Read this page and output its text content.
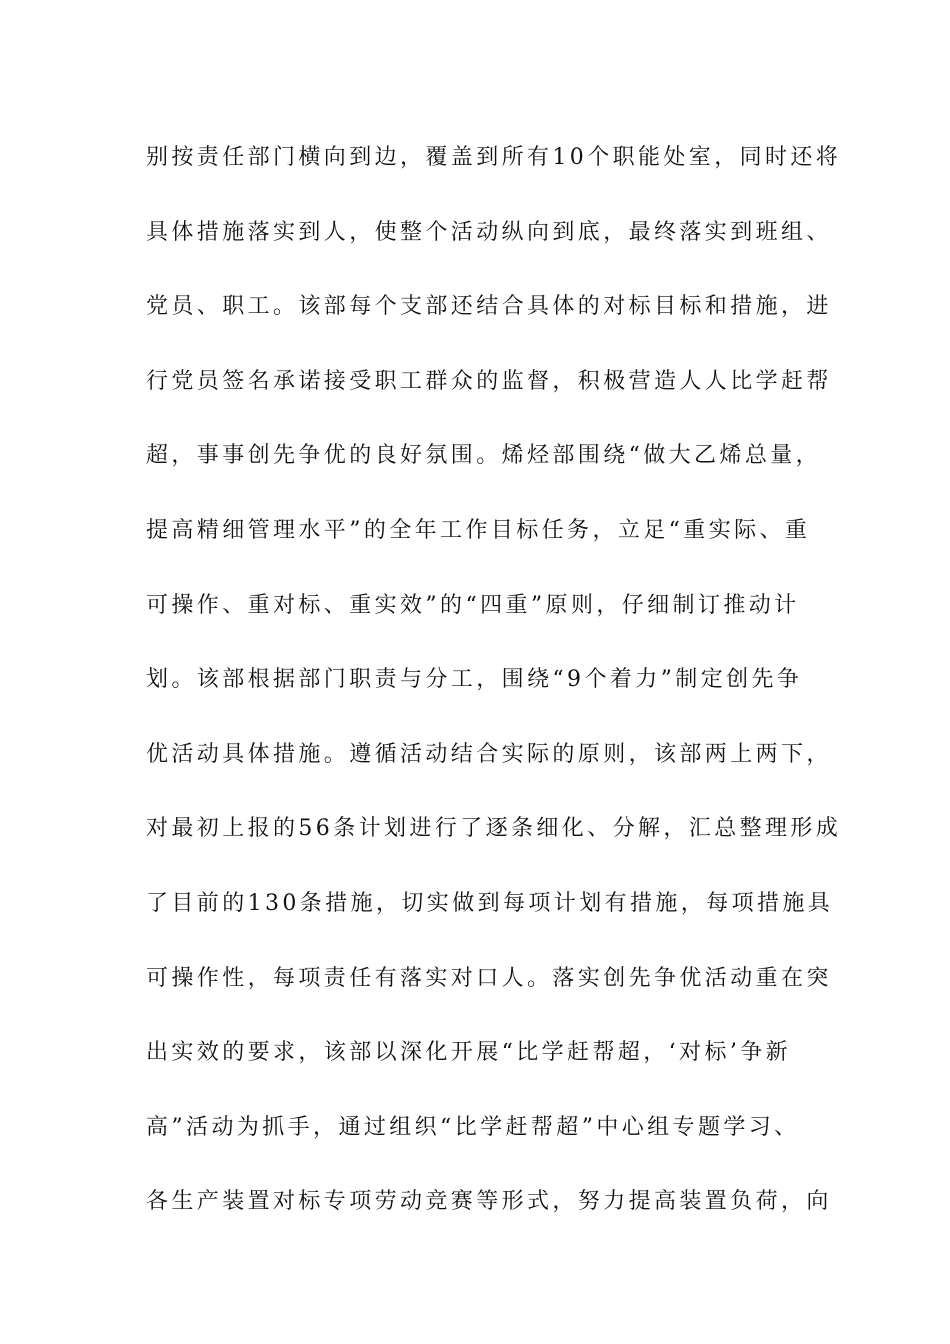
别按责任部门横向到边，覆盖到所有10个职能处室，同时还将
具体措施落实到人，使整个活动纵向到底，最终落实到班组、
党员、职工。该部每个支部还结合具体的对标目标和措施，进
行党员签名承诺接受职工群众的监督，积极营造人人比学赶帮
超，事事创先争优的良好氛围。烯烃部围绕“做大乙烯总量，
提高精细管理水平”的全年工作目标任务，立足“重实际、重
可操作、重对标、重实效”的“四重”原则，仔细制订推动计
划。该部根据部门职责与分工，围绕“9个着力”制定创先争
优活动具体措施。遵循活动结合实际的原则，该部两上两下，
对最初上报的56条计划进行了逐条细化、分解，汇总整理形成
了目前的130条措施，切实做到每项计划有措施，每项措施具
可操作性，每项责任有落实对口人。落实创先争优活动重在突
出实效的要求，该部以深化开展“比学赶帮超，‘对标’争新
高”活动为抓手，通过组织“比学赶帮超”中心组专题学习、
各生产装置对标专项劳动竞赛等形式，努力提高装置负荷，向
